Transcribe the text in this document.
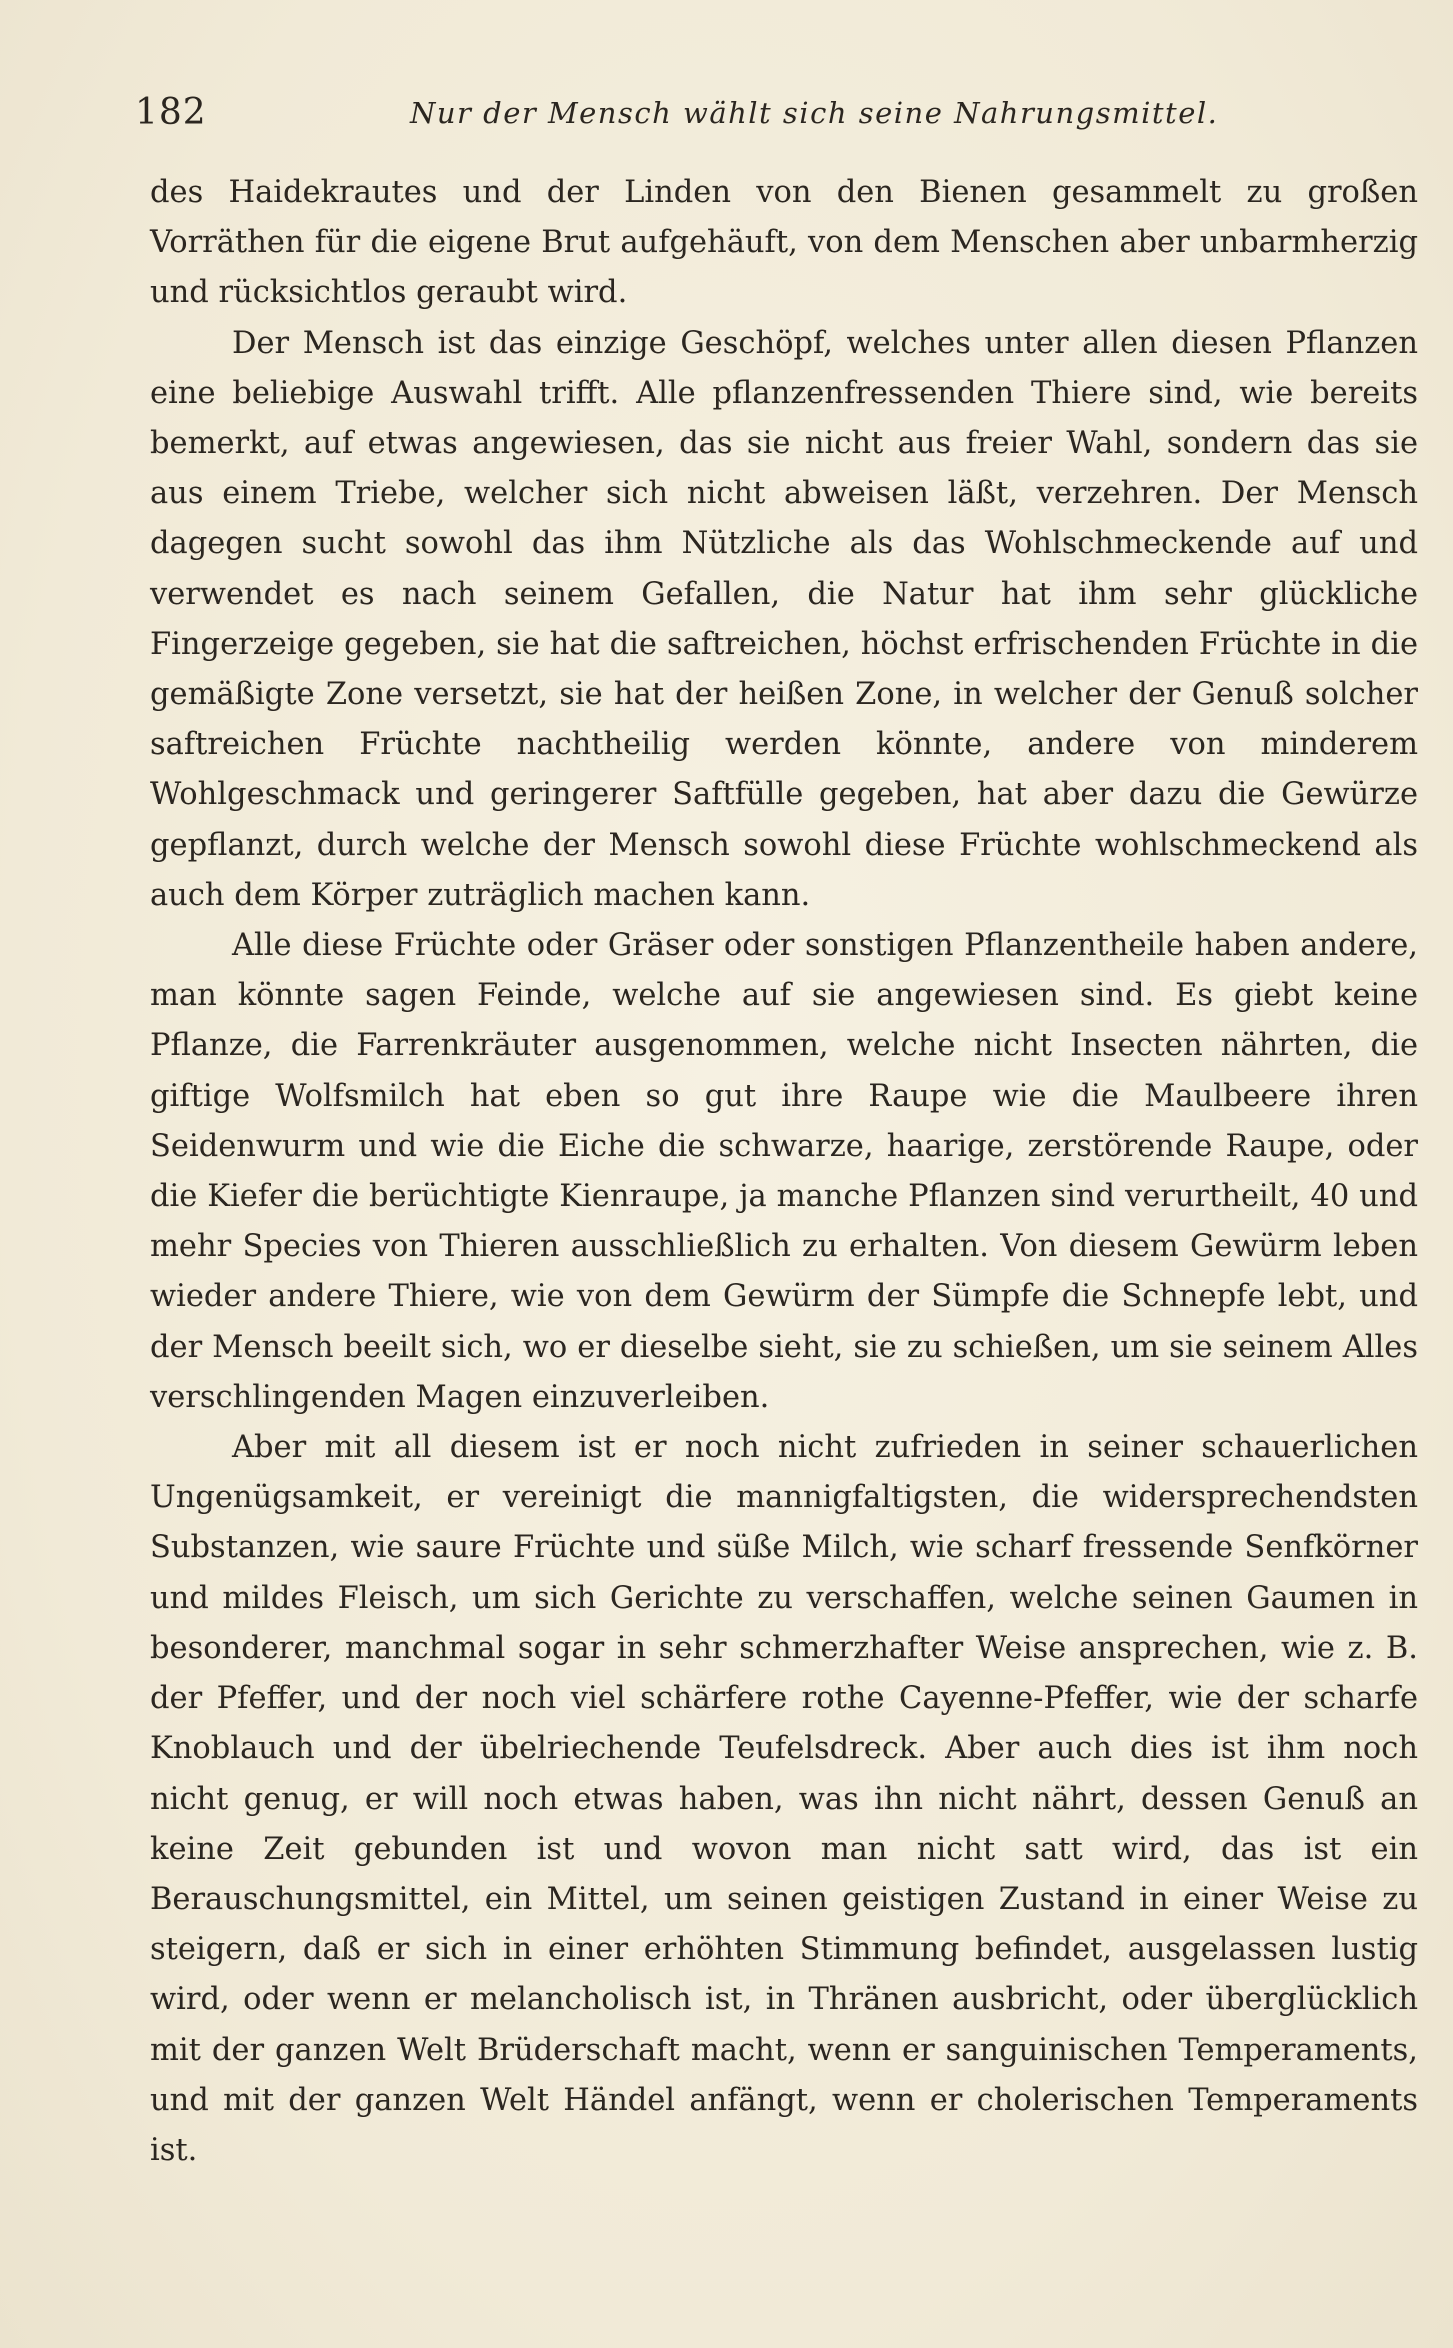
182	Nur der Mensch wählt sich seine Nahrungsmittel.

des Haidekrautes und der Linden von den Bienen gesammelt zu großen Vorräthen für die eigene Brut aufgehäuft, von dem Menschen aber unbarmherzig und rücksichtlos geraubt wird.

Der Mensch ist das einzige Geschöpf, welches unter allen diesen Pflanzen eine beliebige Auswahl trifft. Alle pflanzenfressenden Thiere sind, wie bereits bemerkt, auf etwas angewiesen, das sie nicht aus freier Wahl, sondern das sie aus einem Triebe, welcher sich nicht abweisen läßt, verzehren. Der Mensch dagegen sucht sowohl das ihm Nützliche als das Wohlschmeckende auf und verwendet es nach seinem Gefallen, die Natur hat ihm sehr glückliche Fingerzeige gegeben, sie hat die saftreichen, höchst erfrischenden Früchte in die gemäßigte Zone versetzt, sie hat der heißen Zone, in welcher der Genuß solcher saftreichen Früchte nachtheilig werden könnte, andere von minderem Wohlgeschmack und geringerer Saftfülle gegeben, hat aber dazu die Gewürze gepflanzt, durch welche der Mensch sowohl diese Früchte wohlschmeckend als auch dem Körper zuträglich machen kann.

Alle diese Früchte oder Gräser oder sonstigen Pflanzentheile haben andere, man könnte sagen Feinde, welche auf sie angewiesen sind. Es giebt keine Pflanze, die Farrenkräuter ausgenommen, welche nicht Insecten nährten, die giftige Wolfsmilch hat eben so gut ihre Raupe wie die Maulbeere ihren Seidenwurm und wie die Eiche die schwarze, haarige, zerstörende Raupe, oder die Kiefer die berüchtigte Kienraupe, ja manche Pflanzen sind verurtheilt, 40 und mehr Species von Thieren ausschließlich zu erhalten. Von diesem Gewürm leben wieder andere Thiere, wie von dem Gewürm der Sümpfe die Schnepfe lebt, und der Mensch beeilt sich, wo er dieselbe sieht, sie zu schießen, um sie seinem Alles verschlingenden Magen einzuverleiben.

Aber mit all diesem ist er noch nicht zufrieden in seiner schauerlichen Ungenügsamkeit, er vereinigt die mannigfaltigsten, die widersprechendsten Substanzen, wie saure Früchte und süße Milch, wie scharf fressende Senfkörner und mildes Fleisch, um sich Gerichte zu verschaffen, welche seinen Gaumen in besonderer, manchmal sogar in sehr schmerzhafter Weise ansprechen, wie z. B. der Pfeffer, und der noch viel schärfere rothe Cayenne-Pfeffer, wie der scharfe Knoblauch und der übelriechende Teufelsdreck. Aber auch dies ist ihm noch nicht genug, er will noch etwas haben, was ihn nicht nährt, dessen Genuß an keine Zeit gebunden ist und wovon man nicht satt wird, das ist ein Berauschungsmittel, ein Mittel, um seinen geistigen Zustand in einer Weise zu steigern, daß er sich in einer erhöhten Stimmung befindet, ausgelassen lustig wird, oder wenn er melancholisch ist, in Thränen ausbricht, oder überglücklich mit der ganzen Welt Brüderschaft macht, wenn er sanguinischen Temperaments, und mit der ganzen Welt Händel anfängt, wenn er cholerischen Temperaments ist.
